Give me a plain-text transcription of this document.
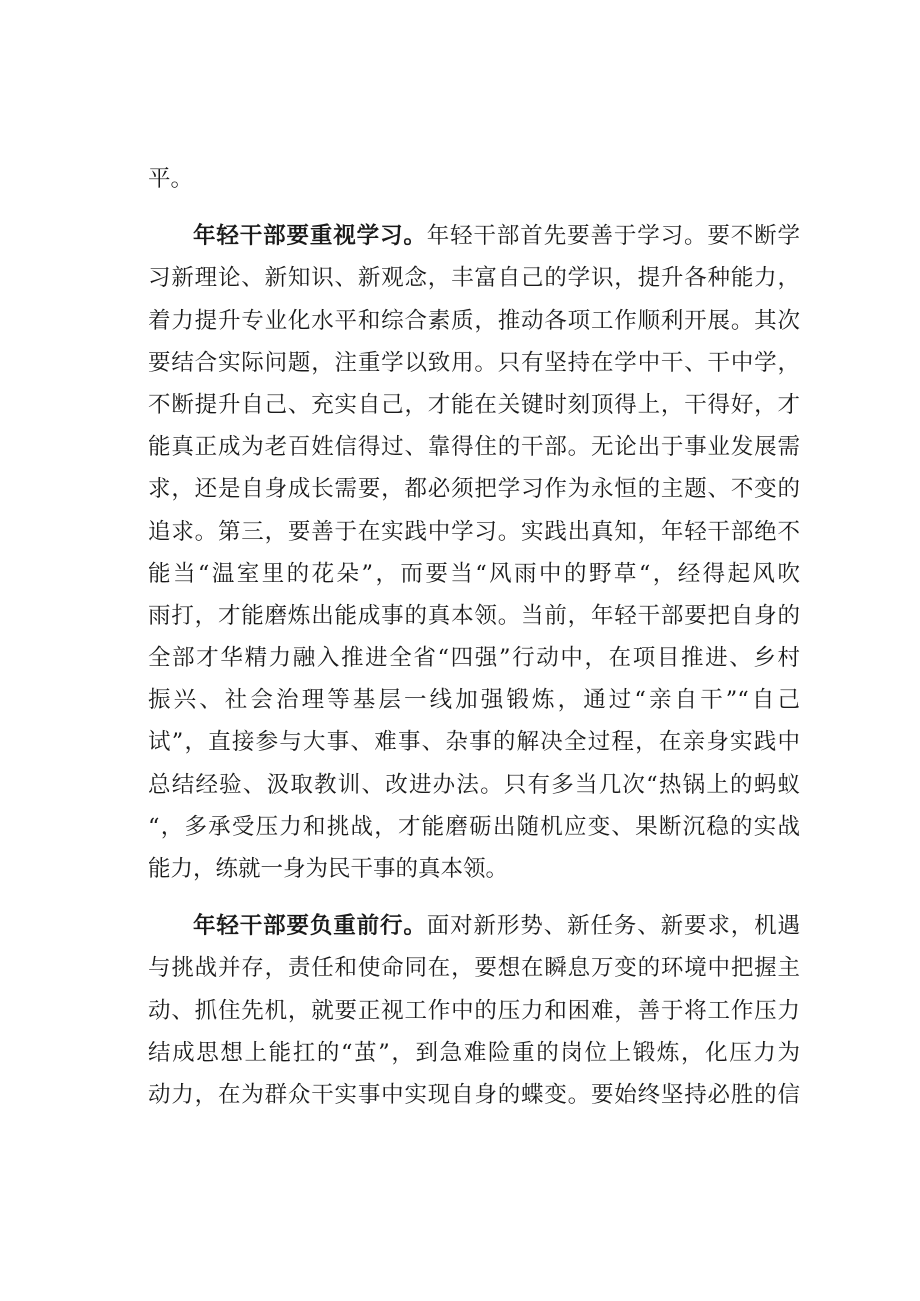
平。
年轻干部要重视学习。年轻干部首先要善于学习。要不断学
习新理论、新知识、新观念，丰富自己的学识，提升各种能力，
着力提升专业化水平和综合素质，推动各项工作顺利开展。其次
要结合实际问题，注重学以致用。只有坚持在学中干、干中学，
不断提升自己、充实自己，才能在关键时刻顶得上，干得好，才
能真正成为老百姓信得过、靠得住的干部。无论出于事业发展需
求，还是自身成长需要，都必须把学习作为永恒的主题、不变的
追求。第三，要善于在实践中学习。实践出真知，年轻干部绝不
能当“温室里的花朵”，而要当“风雨中的野草“，经得起风吹
雨打，才能磨炼出能成事的真本领。当前，年轻干部要把自身的
全部才华精力融入推进全省“四强”行动中，在项目推进、乡村
振兴、社会治理等基层一线加强锻炼，通过“亲自干”“自己
试”，直接参与大事、难事、杂事的解决全过程，在亲身实践中
总结经验、汲取教训、改进办法。只有多当几次“热锅上的蚂蚁
“，多承受压力和挑战，才能磨砺出随机应变、果断沉稳的实战
能力，练就一身为民干事的真本领。
年轻干部要负重前行。面对新形势、新任务、新要求，机遇
与挑战并存，责任和使命同在，要想在瞬息万变的环境中把握主
动、抓住先机，就要正视工作中的压力和困难，善于将工作压力
结成思想上能扛的“茧”，到急难险重的岗位上锻炼，化压力为
动力，在为群众干实事中实现自身的蝶变。要始终坚持必胜的信
